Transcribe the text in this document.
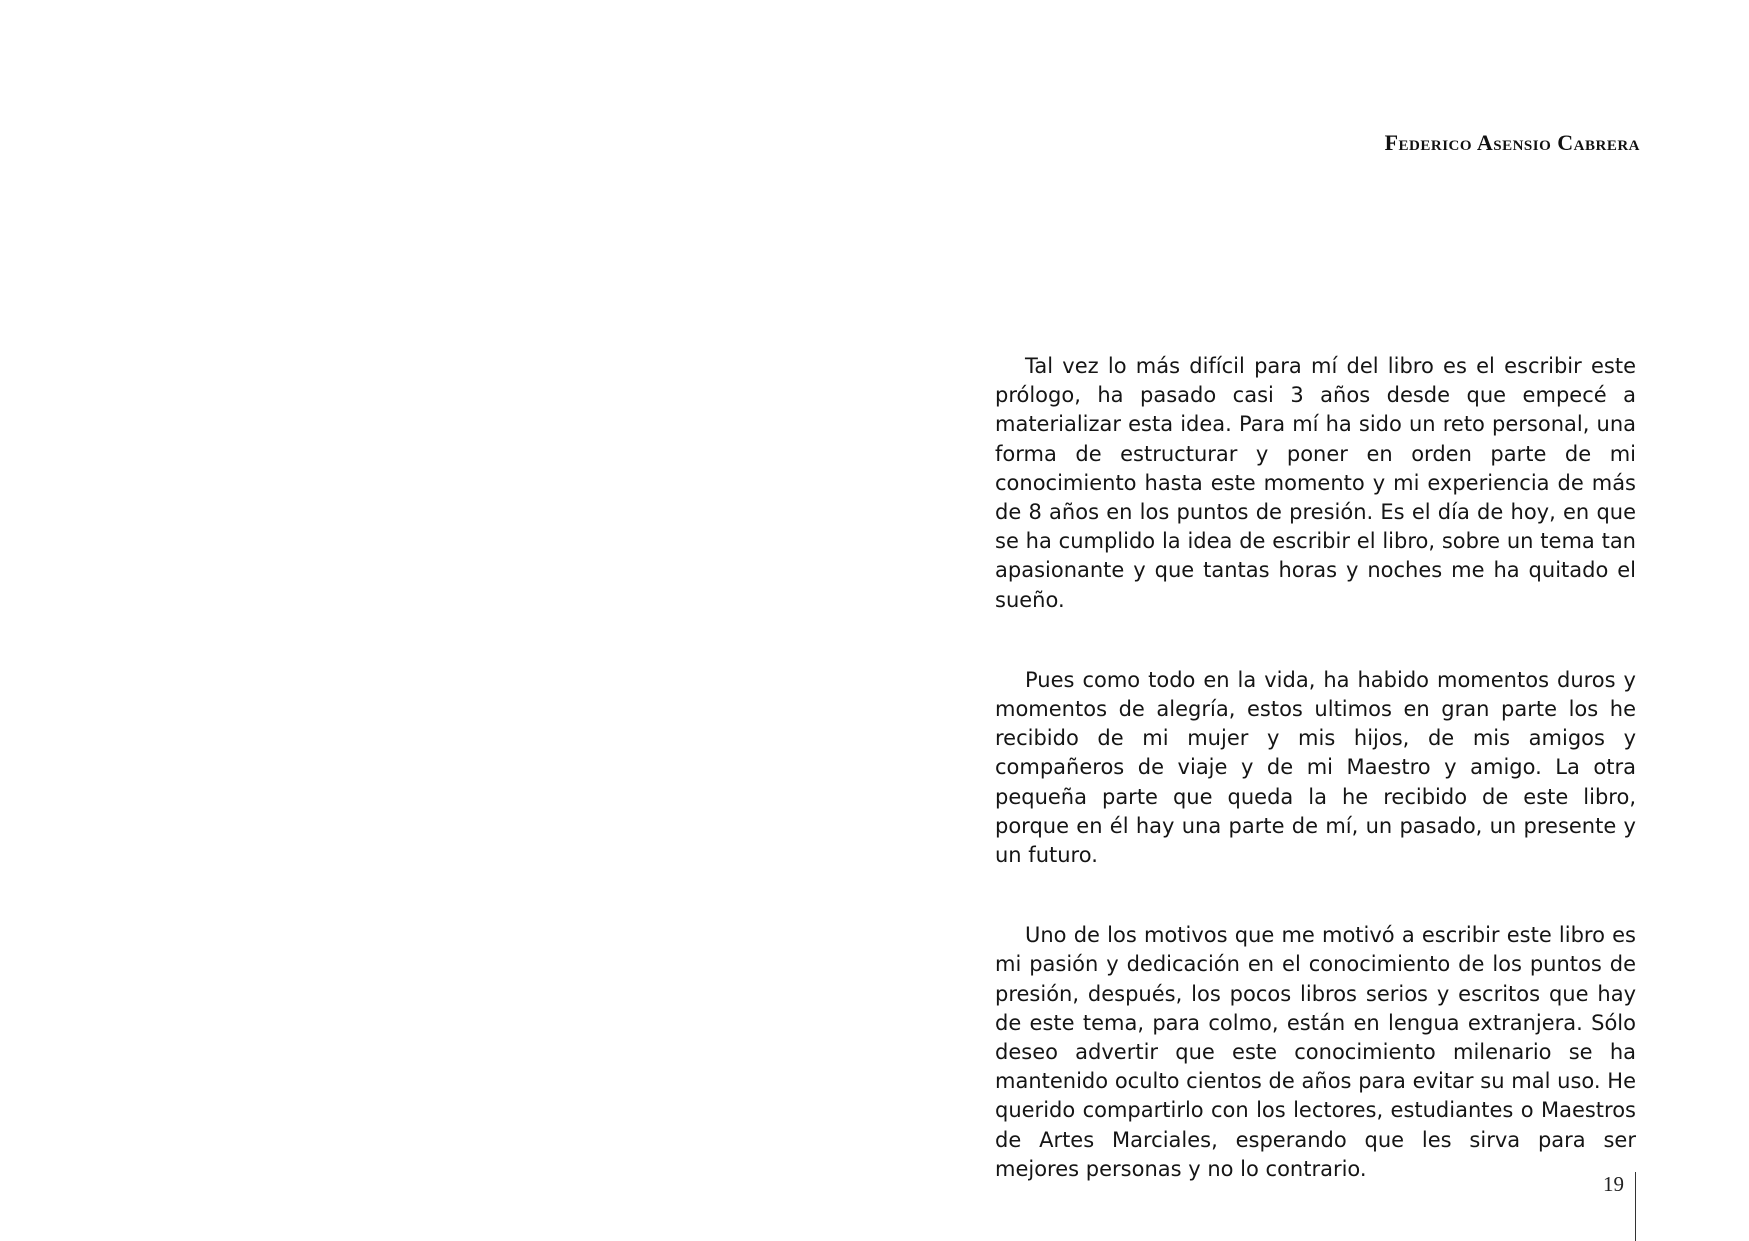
Federico Asensio Cabrera

Tal vez lo más difícil para mí del libro es el escribir este prólogo, ha pasado casi 3 años desde que empecé a materializar esta idea. Para mí ha sido un reto personal, una forma de estructurar y poner en orden parte de mi conocimiento hasta este momento y mi experiencia de más de 8 años en los puntos de presión. Es el día de hoy, en que se ha cumplido la idea de escribir el libro, sobre un tema tan apasionante y que tantas horas y noches me ha quitado el sueño.

Pues como todo en la vida, ha habido momentos duros y momentos de alegría, estos ultimos en gran parte los he recibido de mi mujer y mis hijos, de mis amigos y compañeros de viaje y de mi Maestro y amigo. La otra pequeña parte que queda la he recibido de este libro, porque en él hay una parte de mí, un pasado, un presente y un futuro.

Uno de los motivos que me motivó a escribir este libro es mi pasión y dedicación en el conocimiento de los puntos de presión, después, los pocos libros serios y escritos que hay de este tema, para colmo, están en lengua extranjera. Sólo deseo advertir que este conocimiento milenario se ha mantenido oculto cientos de años para evitar su mal uso. He querido compartirlo con los lectores, estudiantes o Maestros de Artes Marciales, esperando que les sirva para ser mejores personas y no lo contrario.

19
